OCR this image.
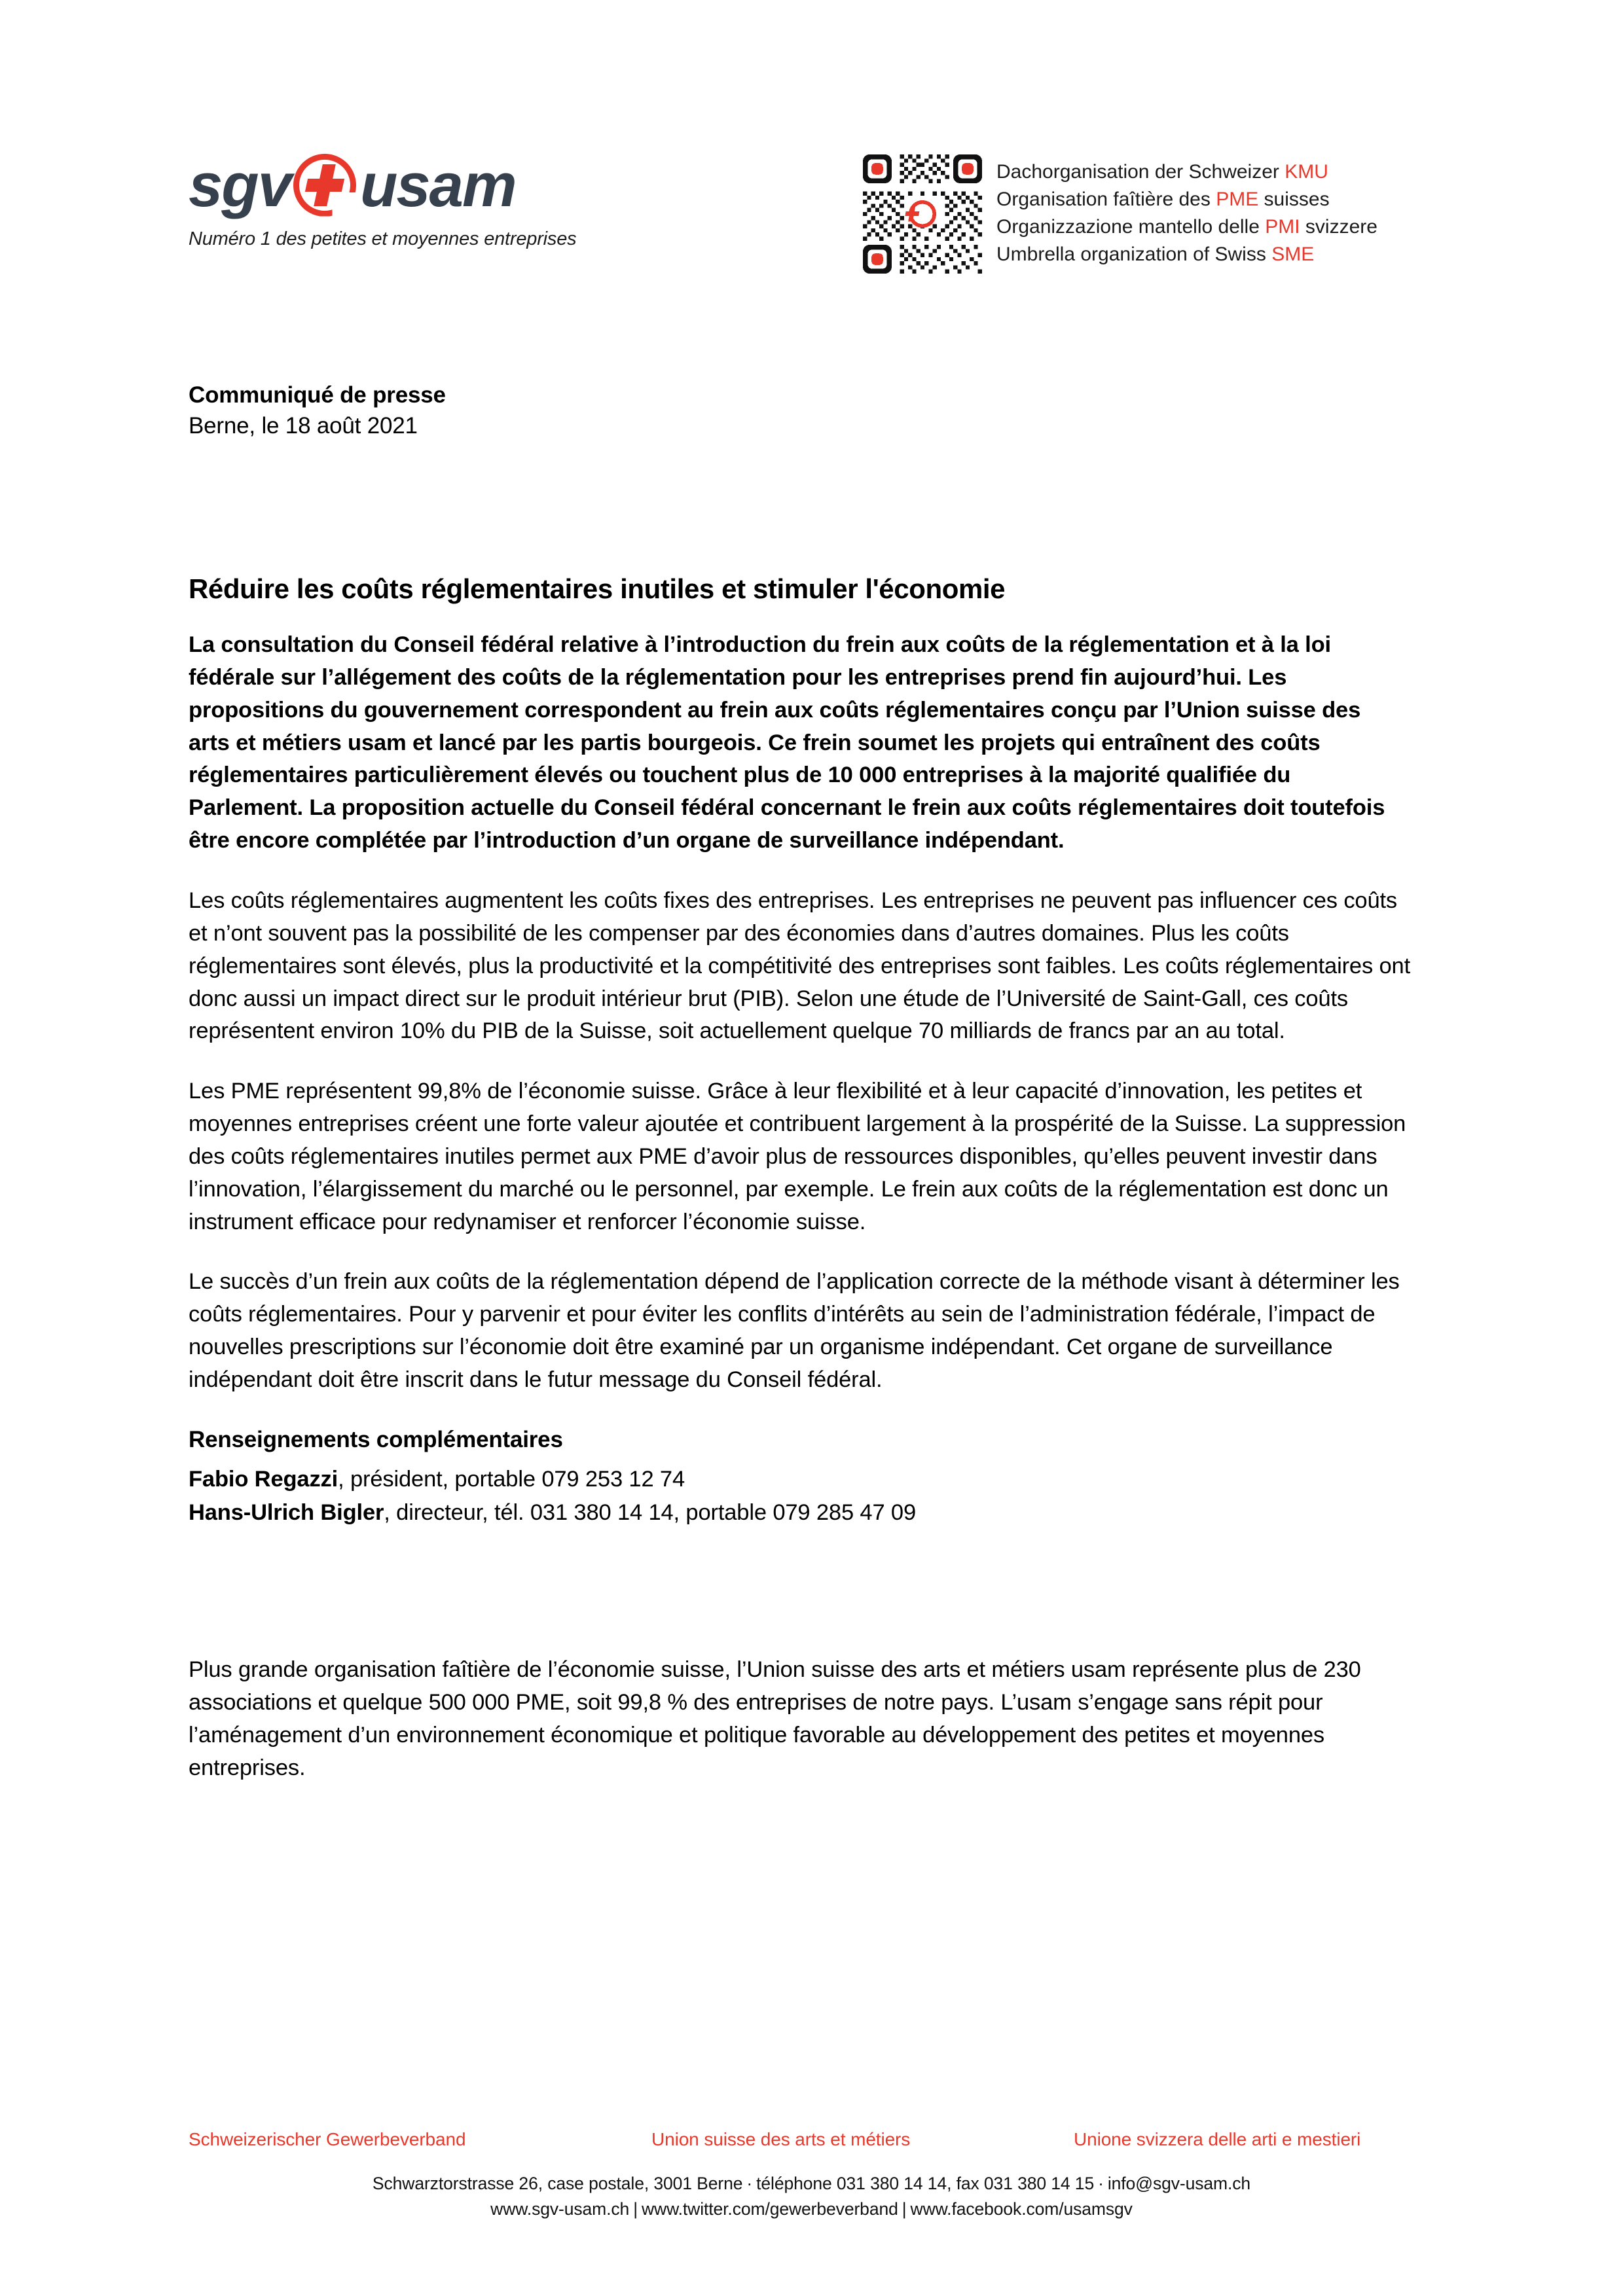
sgv usam
Numéro 1 des petites et moyennes entreprises
Dachorganisation der Schweizer KMU
Organisation faîtière des PME suisses
Organizzazione mantello delle PMI svizzere
Umbrella organization of Swiss SME
Communiqué de presse
Berne, le 18 août 2021
Réduire les coûts réglementaires inutiles et stimuler l'économie

La consultation du Conseil fédéral relative à l’introduction du frein aux coûts de la réglementation et à la loi fédérale sur l’allégement des coûts de la réglementation pour les entreprises prend fin aujourd’hui. Les propositions du gouvernement correspondent au frein aux coûts réglementaires conçu par l’Union suisse des arts et métiers usam et lancé par les partis bourgeois. Ce frein soumet les projets qui entraînent des coûts réglementaires particulièrement élevés ou touchent plus de 10 000 entreprises à la majorité qualifiée du Parlement. La proposition actuelle du Conseil fédéral concernant le frein aux coûts réglementaires doit toutefois être encore complétée par l’introduction d’un organe de surveillance indépendant.

Les coûts réglementaires augmentent les coûts fixes des entreprises. Les entreprises ne peuvent pas influencer ces coûts et n’ont souvent pas la possibilité de les compenser par des économies dans d’autres domaines. Plus les coûts réglementaires sont élevés, plus la productivité et la compétitivité des entreprises sont faibles. Les coûts réglementaires ont donc aussi un impact direct sur le produit intérieur brut (PIB). Selon une étude de l’Université de Saint-Gall, ces coûts représentent environ 10% du PIB de la Suisse, soit actuellement quelque 70 milliards de francs par an au total.

Les PME représentent 99,8% de l’économie suisse. Grâce à leur flexibilité et à leur capacité d’innovation, les petites et moyennes entreprises créent une forte valeur ajoutée et contribuent largement à la prospérité de la Suisse. La suppression des coûts réglementaires inutiles permet aux PME d’avoir plus de ressources disponibles, qu’elles peuvent investir dans l’innovation, l’élargissement du marché ou le personnel, par exemple. Le frein aux coûts de la réglementation est donc un instrument efficace pour redynamiser et renforcer l’économie suisse.

Le succès d’un frein aux coûts de la réglementation dépend de l’application correcte de la méthode visant à déterminer les coûts réglementaires. Pour y parvenir et pour éviter les conflits d’intérêts au sein de l’administration fédérale, l’impact de nouvelles prescriptions sur l’économie doit être examiné par un organisme indépendant. Cet organe de surveillance indépendant doit être inscrit dans le futur message du Conseil fédéral.

Renseignements complémentaires
Fabio Regazzi, président, portable 079 253 12 74
Hans-Ulrich Bigler, directeur, tél. 031 380 14 14, portable 079 285 47 09

Plus grande organisation faîtière de l’économie suisse, l’Union suisse des arts et métiers usam représente plus de 230 associations et quelque 500 000 PME, soit 99,8 % des entreprises de notre pays. L’usam s’engage sans répit pour l’aménagement d’un environnement économique et politique favorable au développement des petites et moyennes entreprises.

Schweizerischer Gewerbeverband	Union suisse des arts et métiers	Unione svizzera delle arti e mestieri
Schwarztorstrasse 26, case postale, 3001 Berne · téléphone 031 380 14 14, fax 031 380 14 15 · info@sgv-usam.ch
www.sgv-usam.ch | www.twitter.com/gewerbeverband | www.facebook.com/usamsgv
